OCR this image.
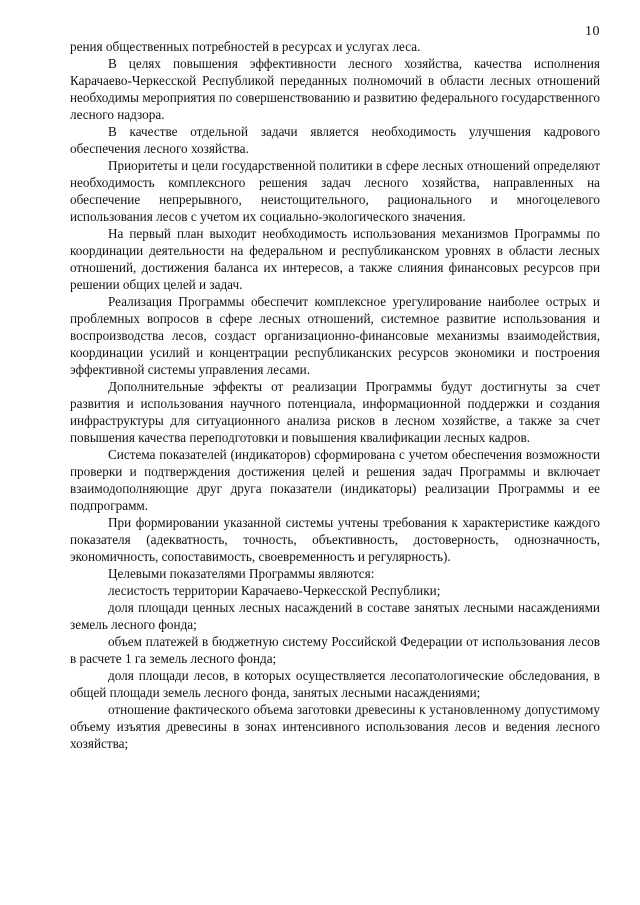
10

рения общественных потребностей в ресурсах и услугах леса.

В целях повышения эффективности лесного хозяйства, качества исполнения Карачаево-Черкесской Республикой переданных полномочий в области лесных отношений необходимы мероприятия по совершенствованию и развитию федерального государственного лесного надзора.

В качестве отдельной задачи является необходимость улучшения кадрового обеспечения лесного хозяйства.

Приоритеты и цели государственной политики в сфере лесных отношений определяют необходимость комплексного решения задач лесного хозяйства, направленных на обеспечение непрерывного, неистощительного, рационального и многоцелевого использования лесов с учетом их социально-экологического значения.

На первый план выходит необходимость использования механизмов Программы по координации деятельности на федеральном и республиканском уровнях в области лесных отношений, достижения баланса их интересов, а также слияния финансовых ресурсов при решении общих целей и задач.

Реализация Программы обеспечит комплексное урегулирование наиболее острых и проблемных вопросов в сфере лесных отношений, системное развитие использования и воспроизводства лесов, создаст организационно-финансовые механизмы взаимодействия, координации усилий и концентрации республиканских ресурсов экономики и построения эффективной системы управления лесами.

Дополнительные эффекты от реализации Программы будут достигнуты за счет развития и использования научного потенциала, информационной поддержки и создания инфраструктуры для ситуационного анализа рисков в лесном хозяйстве, а также за счет повышения качества переподготовки и повышения квалификации лесных кадров.

Система показателей (индикаторов) сформирована с учетом обеспечения возможности проверки и подтверждения достижения целей и решения задач Программы и включает взаимодополняющие друг друга показатели (индикаторы) реализации Программы и ее подпрограмм.

При формировании указанной системы учтены требования к характеристике каждого показателя (адекватность, точность, объективность, достоверность, однозначность, экономичность, сопоставимость, своевременность и регулярность).

Целевыми показателями Программы являются:

лесистость территории Карачаево-Черкесской Республики;

доля площади ценных лесных насаждений в составе занятых лесными насаждениями земель лесного фонда;

объем платежей в бюджетную систему Российской Федерации от использования лесов в расчете 1 га земель лесного фонда;

доля площади лесов, в которых осуществляется лесопатологические обследования, в общей площади земель лесного фонда, занятых лесными насаждениями;

отношение фактического объема заготовки древесины к установленному допустимому объему изъятия древесины в зонах интенсивного использования лесов и ведения лесного хозяйства;
